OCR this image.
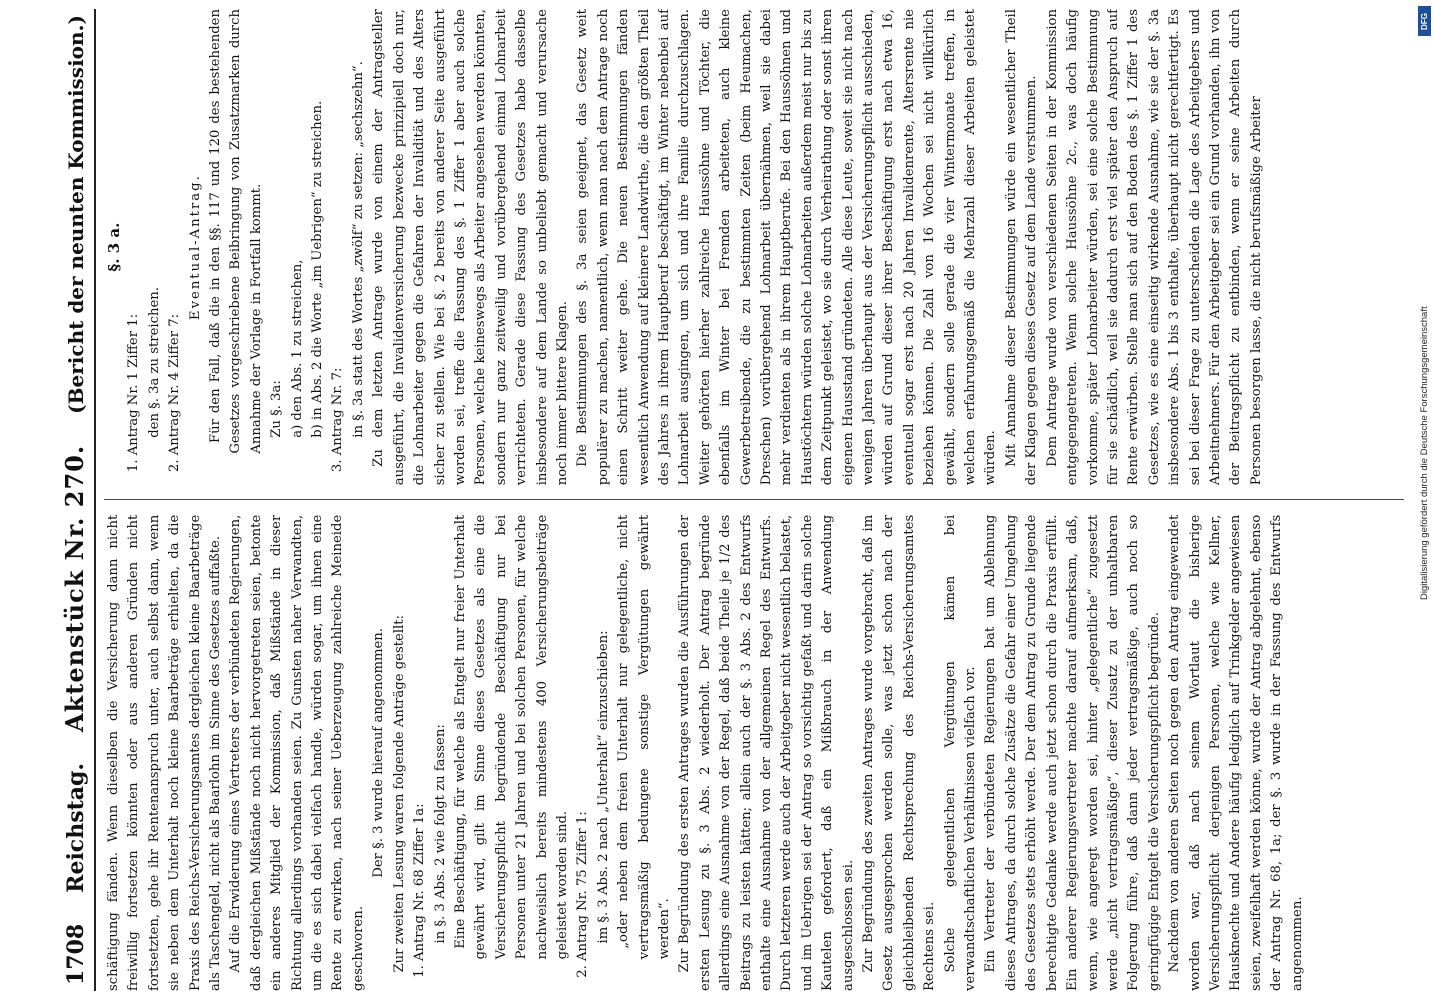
1708
Reichstag.
Aktenstück Nr. 270.
(Bericht der neunten Kommission.)

schäftigung fänden. Wenn dieselben die Versicherung dann nicht freiwillig fortsetzen könnten oder aus anderen Gründen nicht fortsetzten, gehe ihr Rentenanspruch unter, auch selbst dann, wenn sie neben dem Unterhalt noch kleine Baarbeträge erhielten, da die Praxis des Reichs-Versicherungsamtes dergleichen kleine Baarbeträge als Taschengeld, nicht als Baarlohn im Sinne des Gesetzes auffaßte. Auf die Erwiderung eines Vertreters der verbündeten Regierungen, daß dergleichen Mißstände noch nicht hervorgetreten seien, betonte ein anderes Mitglied der Kommission, daß Mißstände in dieser Richtung allerdings vorhanden seien. Zu Gunsten naher Verwandten, um die es sich dabei vielfach handle, würden sogar, um ihnen eine Rente zu erwirken, nach seiner Ueberzeugung zahlreiche Meineide geschworen.

Der §. 3 wurde hierauf angenommen. Zur zweiten Lesung waren folgende Anträge gestellt: 1. Antrag Nr. 68 Ziffer 1a: in §. 3 Abs. 2 wie folgt zu fassen: Eine Beschäftigung, für welche als Entgelt nur freier Unterhalt gewährt wird, gilt im Sinne dieses Gesetzes als eine die Versicherungspflicht begründende Beschäftigung nur bei Personen unter 21 Jahren und bei solchen Personen, für welche nachweislich bereits mindestens 400 Versicherungsbeiträge geleistet worden sind. 2. Antrag Nr. 75 Ziffer 1: im §. 3 Abs. 2 nach „Unterhalt“ einzuschieben: „oder neben dem freien Unterhalt nur gelegentliche, nicht vertragsmäßig bedungene sonstige Vergütungen gewährt werden“. Zur Begründung des ersten Antrages wurden die Ausführungen der ersten Lesung zu §. 3 Abs. 2 wiederholt. Der Antrag begründe allerdings eine Ausnahme von der Regel, daß beide Theile je 1/2 des Beitrags zu leisten hätten; allein auch der §. 3 Abs. 2 des Entwurfs enthalte eine Ausnahme von der allgemeinen Regel des Entwurfs. Durch letzteren werde auch der Arbeitgeber nicht wesentlich belastet, und im Uebrigen sei der Antrag so vorsichtig gefaßt und darin solche Kautelen gefordert, daß ein Mißbrauch in der Anwendung ausgeschlossen sei. Zur Begründung des zweiten Antrages wurde vorgebracht, daß im Gesetz ausgesprochen werden solle, was jetzt schon nach der gleichbleibenden Rechtsprechung des Reichs-Versicherungsamtes Rechtens sei. Solche gelegentlichen Vergütungen kämen bei verwandtschaftlichen Verhältnissen vielfach vor. Ein Vertreter der verbündeten Regierungen bat um Ablehnung dieses Antrages, da durch solche Zusätze die Gefahr einer Umgehung des Gesetzes stets erhöht werde. Der dem Antrag zu Grunde liegende berechtigte Gedanke werde auch jetzt schon durch die Praxis erfüllt. Ein anderer Regierungsvertreter machte darauf aufmerksam, daß, wenn, wie angeregt worden sei, hinter „gelegentliche“ zugesetzt werde „nicht vertragsmäßige“, dieser Zusatz zu der unhaltbaren Folgerung führe, daß dann jeder vertragsmäßige, auch noch so geringfügige Entgelt die Versicherungspflicht begründe. Nachdem von anderen Seiten noch gegen den Antrag eingewendet worden war, daß nach seinem Wortlaut die bisherige Versicherungspflicht derjenigen Personen, welche wie Kellner, Hausknechte und Andere häufig lediglich auf Trinkgelder angewiesen seien, zweifelhaft werden könne, wurde der Antrag abgelehnt, ebenso der Antrag Nr. 68, 1a; der §. 3 wurde in der Fassung des Entwurfs angenommen.

§. 3 a.

1. Antrag Nr. 1 Ziffer 1: den §. 3a zu streichen. 2. Antrag Nr. 4 Ziffer 7:

Eventual-Antrag. Für den Fall, daß die in den §§. 117 und 120 des bestehenden Gesetzes vorgeschriebene Beibringung von Zusatzmarken durch Annahme der Vorlage in Fortfall kommt. Zu §. 3a: a) den Abs. 1 zu streichen, b) in Abs. 2 die Worte „im Uebrigen“ zu streichen. 3. Antrag Nr. 7: in §. 3a statt des Wortes „zwölf“ zu setzen: „sechszehn“. Zu dem letzten Antrage wurde von einem der Antragsteller ausgeführt, die Invalidenversicherung bezwecke prinzipiell doch nur, die Lohnarbeiter gegen die Gefahren der Invalidität und des Alters sicher zu stellen. Wie bei §. 2 bereits von anderer Seite ausgeführt worden sei, treffe die Fassung des §. 1 Ziffer 1 aber auch solche Personen, welche keineswegs als Arbeiter angesehen werden könnten, sondern nur ganz zeitweilig und vorübergehend einmal Lohnarbeit verrichteten. Gerade diese Fassung des Gesetzes habe dasselbe insbesondere auf dem Lande so unbeliebt gemacht und verursache noch immer bittere Klagen. Die Bestimmungen des §. 3a seien geeignet, das Gesetz weit populärer zu machen, namentlich, wenn man nach dem Antrage noch einen Schritt weiter gehe. Die neuen Bestimmungen fänden wesentlich Anwendung auf kleinere Landwirthe, die den größten Theil des Jahres in ihrem Hauptberuf beschäftigt, im Winter nebenbei auf Lohnarbeit ausgingen, um sich und ihre Familie durchzuschlagen. Weiter gehörten hierher zahlreiche Haussöhne und Töchter, die ebenfalls im Winter bei Fremden arbeiteten, auch kleine Gewerbetreibende, die zu bestimmten Zeiten (beim Heumachen, Dreschen) vorübergehend Lohnarbeit übernähmen, weil sie dabei mehr verdienten als in ihrem Hauptberufe. Bei den Haussöhnen und Haustöchtern würden solche Lohnarbeiten außerdem meist nur bis zu dem Zeitpunkt geleistet, wo sie durch Verheirathung oder sonst ihren eigenen Hausstand gründeten. Alle diese Leute, soweit sie nicht nach wenigen Jahren überhaupt aus der Versicherungspflicht ausschieden, würden auf Grund dieser ihrer Beschäftigung erst nach etwa 16, eventuell sogar erst nach 20 Jahren Invalidenrente, Altersrente nie beziehen können. Die Zahl von 16 Wochen sei nicht willkürlich gewählt, sondern solle gerade die vier Wintermonate treffen, in welchen erfahrungsgemäß die Mehrzahl dieser Arbeiten geleistet würden. Mit Annahme dieser Bestimmungen würde ein wesentlicher Theil der Klagen gegen dieses Gesetz auf dem Lande verstummen. Dem Antrage wurde von verschiedenen Seiten in der Kommission entgegengetreten. Wenn solche Haussöhne 2c., was doch häufig vorkomme, später Lohnarbeiter würden, sei eine solche Bestimmung für sie schädlich, weil sie dadurch erst viel später den Anspruch auf Rente erwürben. Stelle man sich auf den Boden des §. 1 Ziffer 1 des Gesetzes, wie es eine einseitig wirkende Ausnahme, wie sie der §. 3a insbesondere Abs. 1 bis 3 enthalte, überhaupt nicht gerechtfertigt. Es sei bei dieser Frage zu unterscheiden die Lage des Arbeitgebers und Arbeitnehmers. Für den Arbeitgeber sei ein Grund vorhanden, ihn von der Beitragspflicht zu entbinden, wenn er seine Arbeiten durch Personen besorgen lasse, die nicht berufsmäßige Arbeiter

DFG
Digitalisierung gefördert durch die Deutsche Forschungsgemeinschaft
